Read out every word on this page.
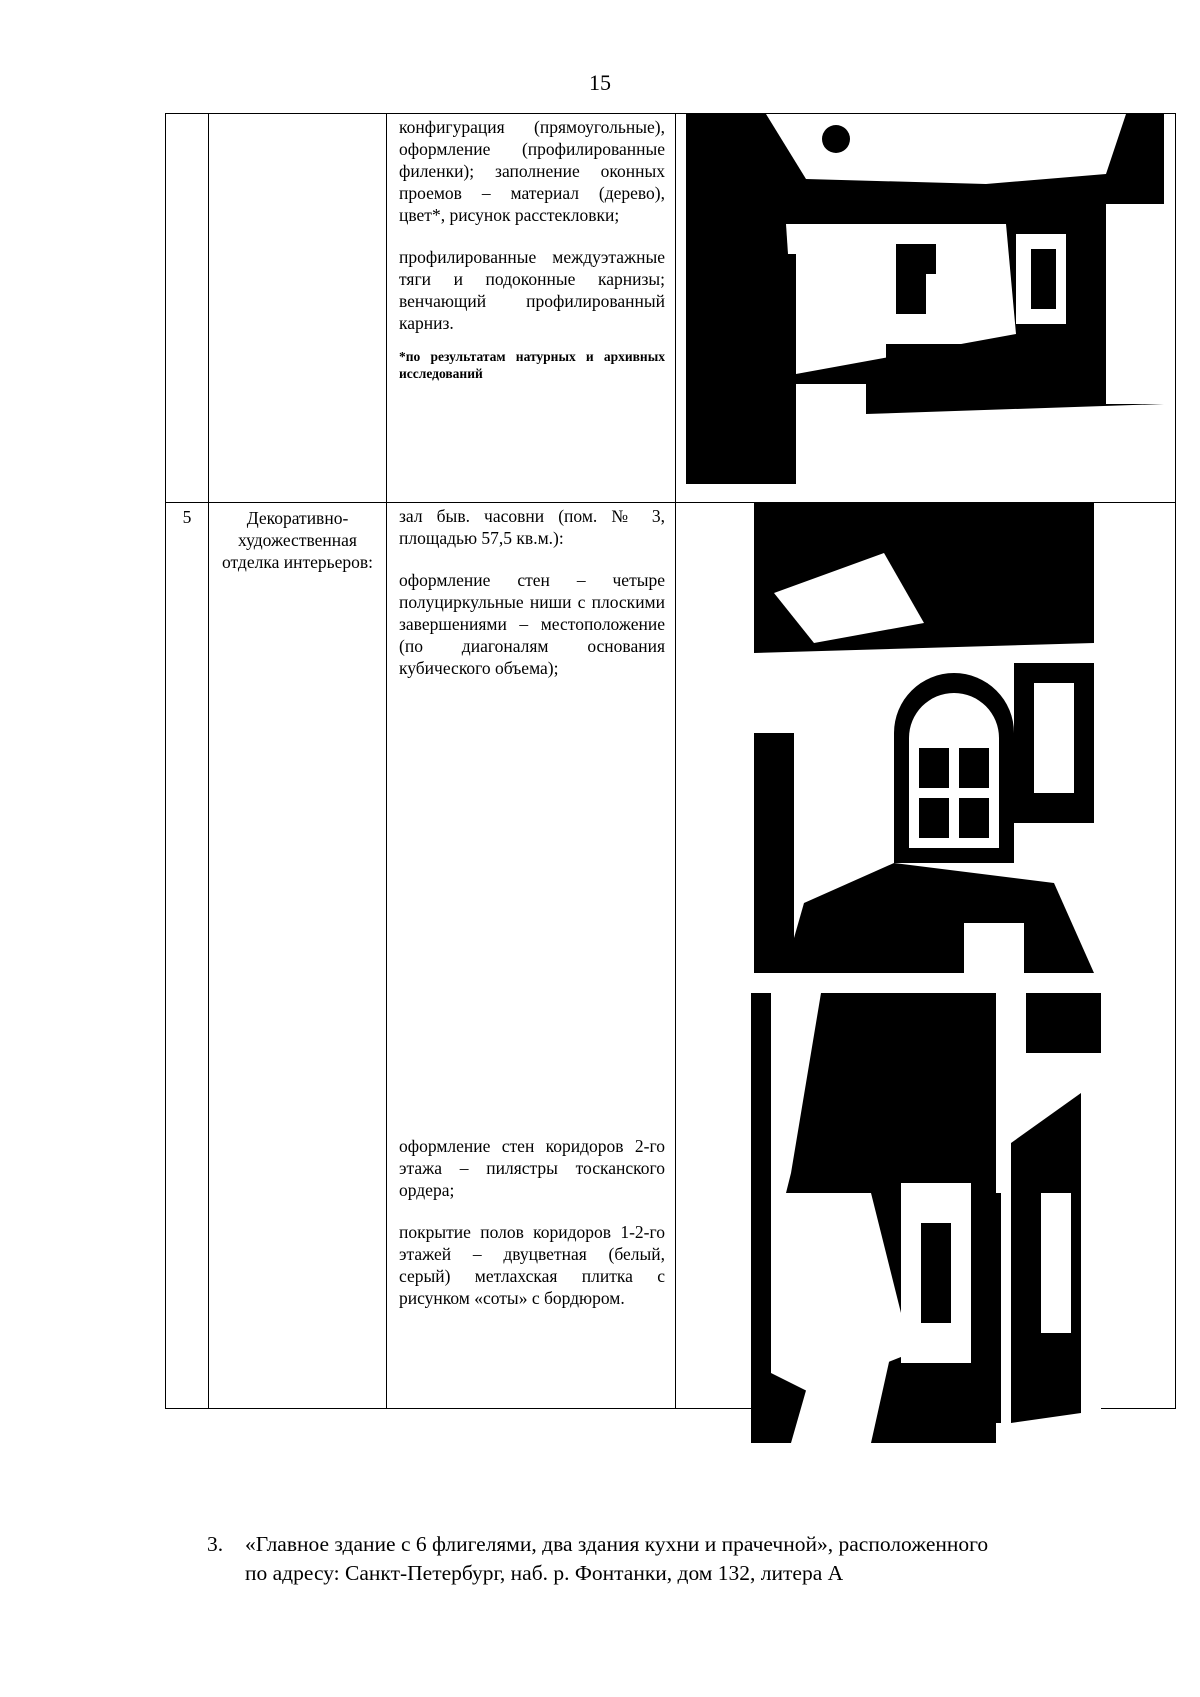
15

		конфигурация (прямоугольные), оформление (профилированные филенки); заполнение оконных проемов – материал (дерево), цвет*, рисунок расстекловки;

профилированные междуэтажные тяги и подоконные карнизы; венчающий профилированный карниз.

*по результатам натурных и архивных исследований

5	Декоративно-художественная отделка интерьеров:	зал быв. часовни (пом. № 3, площадью 57,5 кв.м.):

оформление стен – четыре полуциркульные ниши с плоскими завершениями – местоположение (по диагоналям основания кубического объема);

оформление стен коридоров 2-го этажа – пилястры тосканского ордера;

покрытие полов коридоров 1-2-го этажей – двуцветная (белый, серый) метлахская плитка с рисунком «соты» с бордюром.

3. «Главное здание с 6 флигелями, два здания кухни и прачечной», расположенного
по адресу: Санкт-Петербург, наб. р. Фонтанки, дом 132, литера А
